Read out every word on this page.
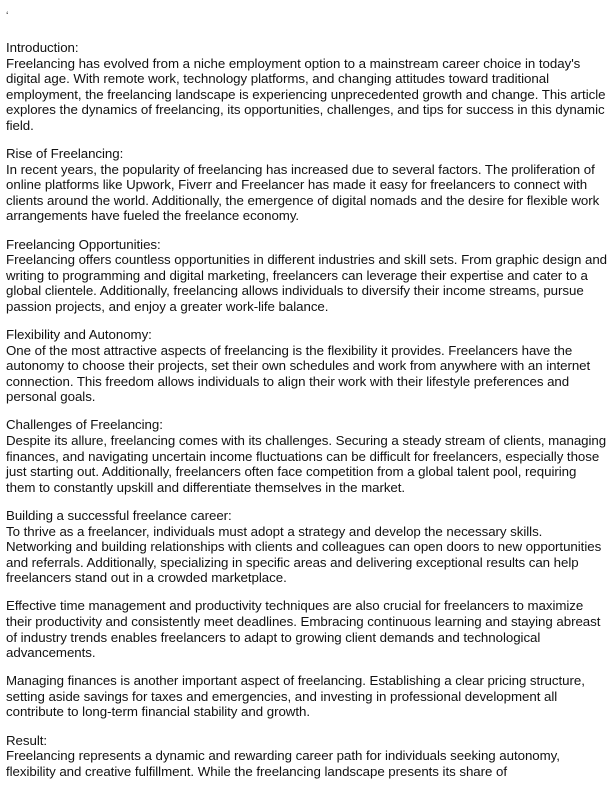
‘

Introduction:
Freelancing has evolved from a niche employment option to a mainstream career choice in today's digital age. With remote work, technology platforms, and changing attitudes toward traditional employment, the freelancing landscape is experiencing unprecedented growth and change. This article explores the dynamics of freelancing, its opportunities, challenges, and tips for success in this dynamic field.

Rise of Freelancing:
In recent years, the popularity of freelancing has increased due to several factors. The proliferation of online platforms like Upwork, Fiverr and Freelancer has made it easy for freelancers to connect with clients around the world. Additionally, the emergence of digital nomads and the desire for flexible work arrangements have fueled the freelance economy.

Freelancing Opportunities:
Freelancing offers countless opportunities in different industries and skill sets. From graphic design and writing to programming and digital marketing, freelancers can leverage their expertise and cater to a global clientele. Additionally, freelancing allows individuals to diversify their income streams, pursue passion projects, and enjoy a greater work-life balance.

Flexibility and Autonomy:
One of the most attractive aspects of freelancing is the flexibility it provides. Freelancers have the autonomy to choose their projects, set their own schedules and work from anywhere with an internet connection. This freedom allows individuals to align their work with their lifestyle preferences and personal goals.

Challenges of Freelancing:
Despite its allure, freelancing comes with its challenges. Securing a steady stream of clients, managing finances, and navigating uncertain income fluctuations can be difficult for freelancers, especially those just starting out. Additionally, freelancers often face competition from a global talent pool, requiring them to constantly upskill and differentiate themselves in the market.

Building a successful freelance career:
To thrive as a freelancer, individuals must adopt a strategy and develop the necessary skills. Networking and building relationships with clients and colleagues can open doors to new opportunities and referrals. Additionally, specializing in specific areas and delivering exceptional results can help freelancers stand out in a crowded marketplace.

Effective time management and productivity techniques are also crucial for freelancers to maximize their productivity and consistently meet deadlines. Embracing continuous learning and staying abreast of industry trends enables freelancers to adapt to growing client demands and technological advancements.

Managing finances is another important aspect of freelancing. Establishing a clear pricing structure, setting aside savings for taxes and emergencies, and investing in professional development all contribute to long-term financial stability and growth.

Result:
Freelancing represents a dynamic and rewarding career path for individuals seeking autonomy, flexibility and creative fulfillment. While the freelancing landscape presents its share of
